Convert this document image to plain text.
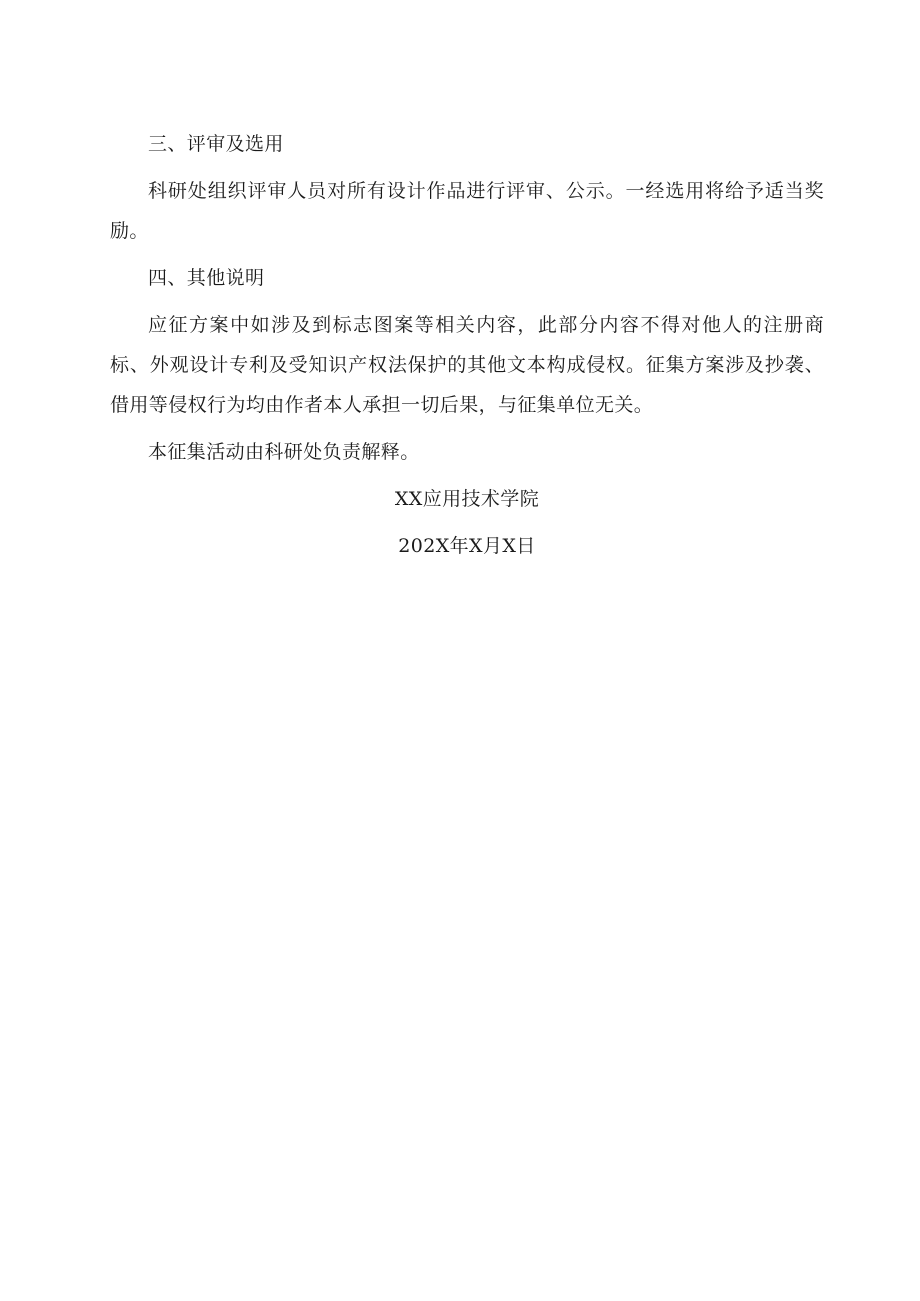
三、评审及选用

科研处组织评审人员对所有设计作品进行评审、公示。一经选用将给予适当奖励。

四、其他说明

应征方案中如涉及到标志图案等相关内容，此部分内容不得对他人的注册商标、外观设计专利及受知识产权法保护的其他文本构成侵权。征集方案涉及抄袭、借用等侵权行为均由作者本人承担一切后果，与征集单位无关。

本征集活动由科研处负责解释。

XX应用技术学院

202X年X月X日
